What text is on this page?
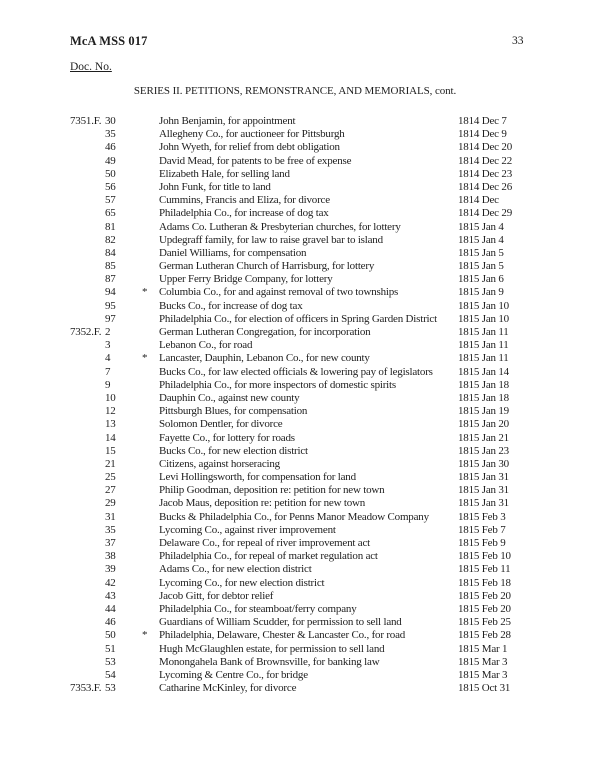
McA MSS 017	33
Doc. No.
SERIES II. PETITIONS, REMONSTRANCE, AND MEMORIALS, cont.
7351.F. 30	John Benjamin, for appointment	1814 Dec 7
35	Allegheny Co., for auctioneer for Pittsburgh	1814 Dec 9
46	John Wyeth, for relief from debt obligation	1814 Dec 20
49	David Mead, for patents to be free of expense	1814 Dec 22
50	Elizabeth Hale, for selling land	1814 Dec 23
56	John Funk, for title to land	1814 Dec 26
57	Cummins, Francis and Eliza, for divorce	1814 Dec
65	Philadelphia Co., for increase of dog tax	1814 Dec 29
81	Adams Co. Lutheran & Presbyterian churches, for lottery	1815 Jan 4
82	Updegraff family, for law to raise gravel bar to island	1815 Jan 4
84	Daniel Williams, for compensation	1815 Jan 5
85	German Lutheran Church of Harrisburg, for lottery	1815 Jan 5
87	Upper Ferry Bridge Company, for lottery	1815 Jan 6
94	*	Columbia Co., for and against removal of two townships	1815 Jan 9
95	Bucks Co., for increase of dog tax	1815 Jan 10
97	Philadelphia Co., for election of officers in Spring Garden District	1815 Jan 10
7352.F. 2	German Lutheran Congregation, for incorporation	1815 Jan 11
3	Lebanon Co., for road	1815 Jan 11
4	*	Lancaster, Dauphin, Lebanon Co., for new county	1815 Jan 11
7	Bucks Co., for law elected officials & lowering pay of legislators	1815 Jan 14
9	Philadelphia Co., for more inspectors of domestic spirits	1815 Jan 18
10	Dauphin Co., against new county	1815 Jan 18
12	Pittsburgh Blues, for compensation	1815 Jan 19
13	Solomon Dentler, for divorce	1815 Jan 20
14	Fayette Co., for lottery for roads	1815 Jan 21
15	Bucks Co., for new election district	1815 Jan 23
21	Citizens, against horseracing	1815 Jan 30
25	Levi Hollingsworth, for compensation for land	1815 Jan 31
27	Philip Goodman, deposition re: petition for new town	1815 Jan 31
29	Jacob Maus, deposition re: petition for new town	1815 Jan 31
31	Bucks & Philadelphia Co., for Penns Manor Meadow Company	1815 Feb 3
35	Lycoming Co., against river improvement	1815 Feb 7
37	Delaware Co., for repeal of river improvement act	1815 Feb 9
38	Philadelphia Co., for repeal of market regulation act	1815 Feb 10
39	Adams Co., for new election district	1815 Feb 11
42	Lycoming Co., for new election district	1815 Feb 18
43	Jacob Gitt, for debtor relief	1815 Feb 20
44	Philadelphia Co., for steamboat/ferry company	1815 Feb 20
46	Guardians of William Scudder, for permission to sell land	1815 Feb 25
50	*	Philadelphia, Delaware, Chester & Lancaster Co., for road	1815 Feb 28
51	Hugh McGlaughlen estate, for permission to sell land	1815 Mar 1
53	Monongahela Bank of Brownsville, for banking law	1815 Mar 3
54	Lycoming & Centre Co., for bridge	1815 Mar 3
7353.F. 53	Catharine McKinley, for divorce	1815 Oct 31
